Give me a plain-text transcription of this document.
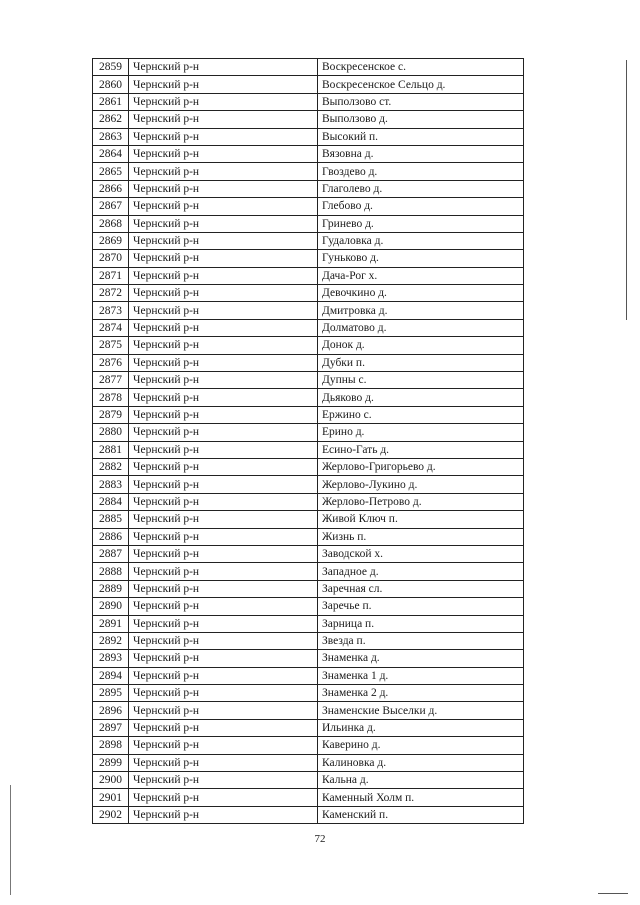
2859	Чернский р-н	Воскресенское с.
2860	Чернский р-н	Воскресенское Сельцо д.
2861	Чернский р-н	Выползово ст.
2862	Чернский р-н	Выползово д.
2863	Чернский р-н	Высокий п.
2864	Чернский р-н	Вязовна д.
2865	Чернский р-н	Гвоздево д.
2866	Чернский р-н	Глаголево д.
2867	Чернский р-н	Глебово д.
2868	Чернский р-н	Гринево д.
2869	Чернский р-н	Гудаловка д.
2870	Чернский р-н	Гуньково д.
2871	Чернский р-н	Дача-Рог х.
2872	Чернский р-н	Девочкино д.
2873	Чернский р-н	Дмитровка д.
2874	Чернский р-н	Долматово д.
2875	Чернский р-н	Донок д.
2876	Чернский р-н	Дубки п.
2877	Чернский р-н	Дупны с.
2878	Чернский р-н	Дьяково д.
2879	Чернский р-н	Ержино с.
2880	Чернский р-н	Ерино д.
2881	Чернский р-н	Есино-Гать д.
2882	Чернский р-н	Жерлово-Григорьево д.
2883	Чернский р-н	Жерлово-Лукино д.
2884	Чернский р-н	Жерлово-Петрово д.
2885	Чернский р-н	Живой Ключ п.
2886	Чернский р-н	Жизнь п.
2887	Чернский р-н	Заводской х.
2888	Чернский р-н	Западное д.
2889	Чернский р-н	Заречная сл.
2890	Чернский р-н	Заречье п.
2891	Чернский р-н	Зарница п.
2892	Чернский р-н	Звезда п.
2893	Чернский р-н	Знаменка д.
2894	Чернский р-н	Знаменка 1 д.
2895	Чернский р-н	Знаменка 2 д.
2896	Чернский р-н	Знаменские Выселки д.
2897	Чернский р-н	Ильинка д.
2898	Чернский р-н	Каверино д.
2899	Чернский р-н	Калиновка д.
2900	Чернский р-н	Кальна д.
2901	Чернский р-н	Каменный Холм п.
2902	Чернский р-н	Каменский п.
72
